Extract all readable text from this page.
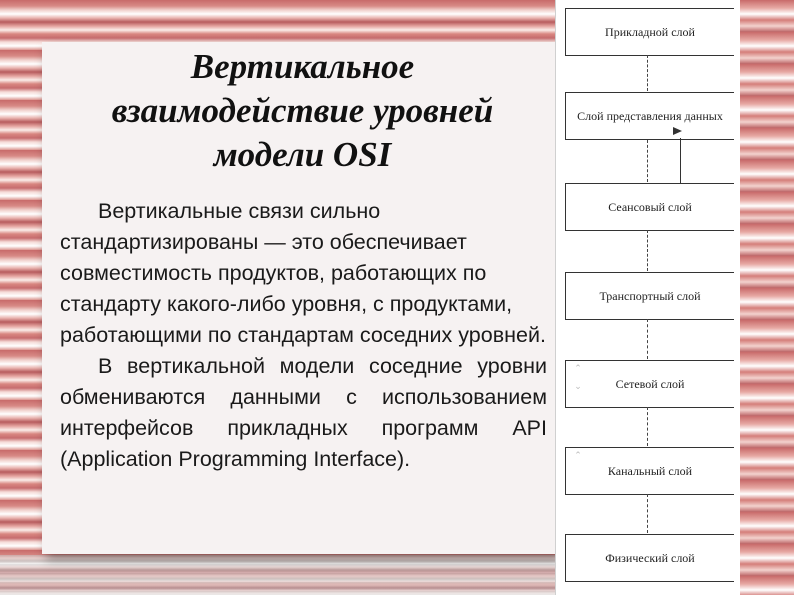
Вертикальное
взаимодействие уровней
модели OSI

Вертикальные связи сильно стандартизированы — это обеспечивает совместимость продуктов, работающих по стандарту какого-либо уровня, с продуктами, работающими по стандартам соседних уровней.

В вертикальной модели соседние уровни обмениваются данными с использованием интерфейсов прикладных программ API (Application Programming Interface).

Прикладной слой
Слой представления данных
Сеансовый слой
Транспортный слой
Сетевой слой
Канальный слой
Физический слой
⌃
⌄
⌃
